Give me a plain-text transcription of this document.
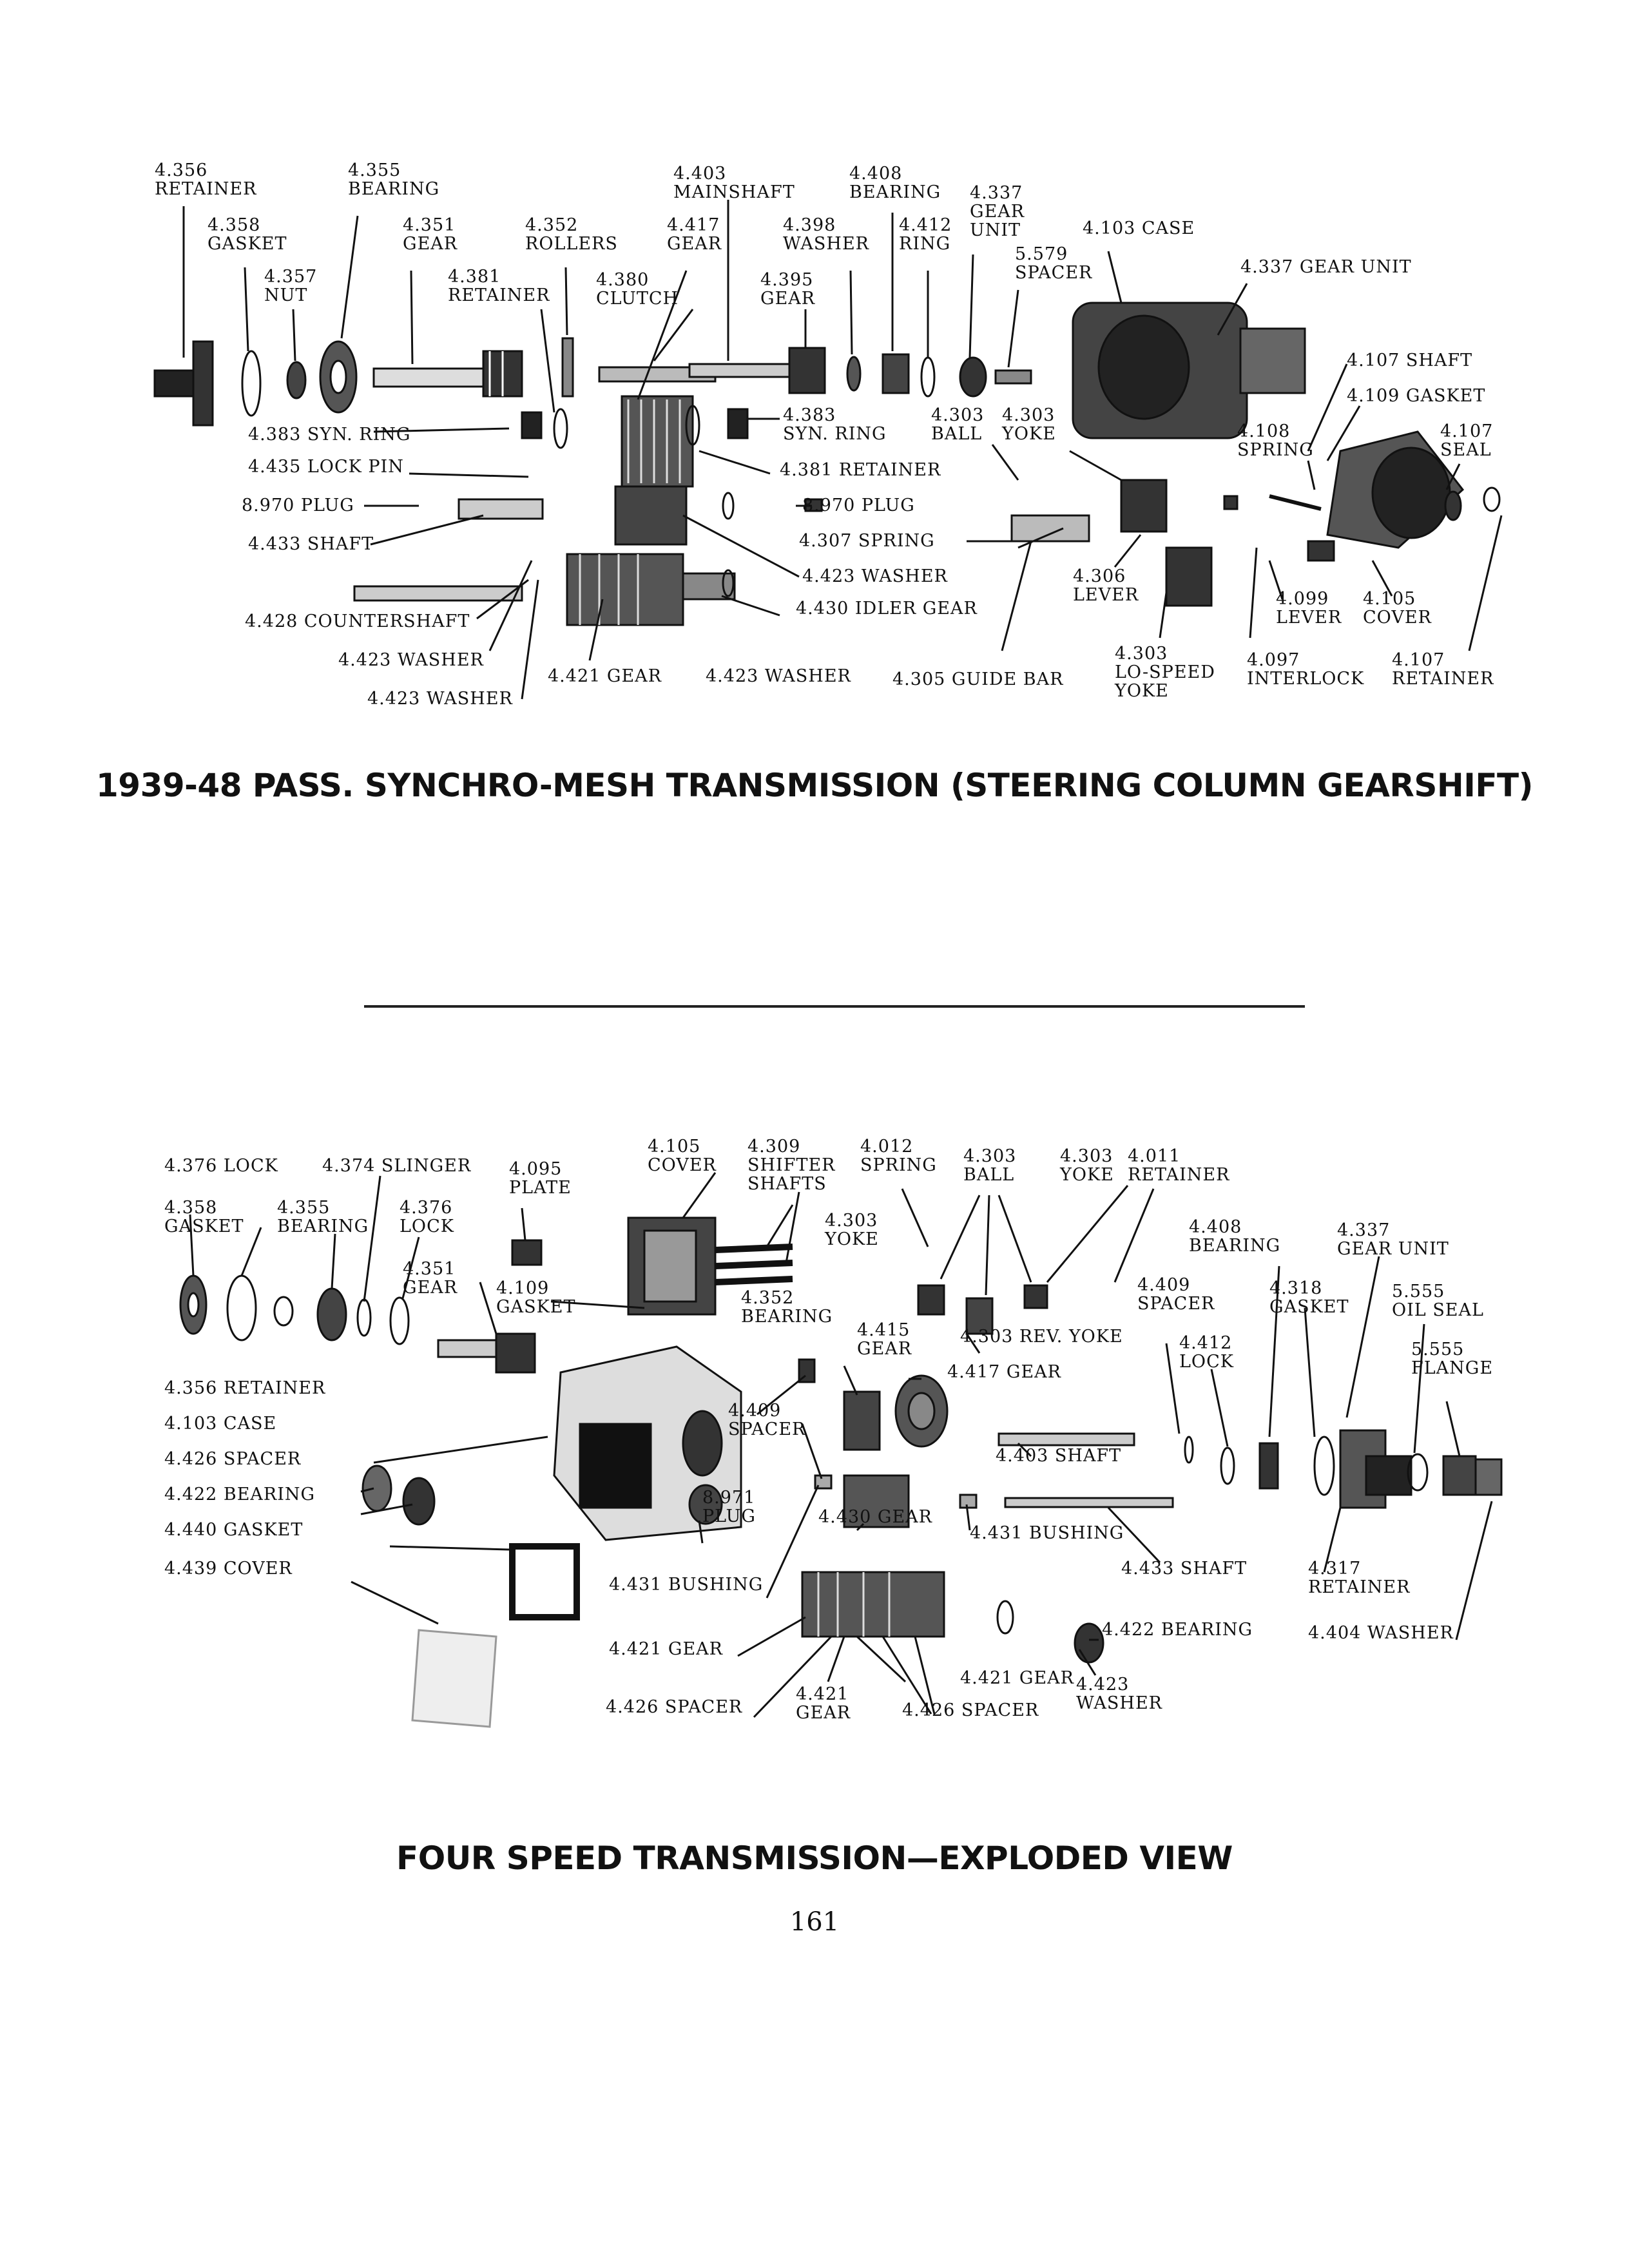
4.356
RETAINER
4.355
BEARING
4.358
GASKET
4.351
GEAR
4.352
ROLLERS
4.357
NUT
4.381
RETAINER
4.380
CLUTCH
4.403
MAINSHAFT
4.417
GEAR
4.408
BEARING
4.398
WASHER
4.412
RING
4.395
GEAR
4.337
GEAR
UNIT
5.579
SPACER
4.103 CASE
4.337 GEAR UNIT
4.107 SHAFT
4.109 GASKET
4.383 SYN. RING
4.383
SYN. RING
4.303
BALL
4.303
YOKE	4.108
SPRING
4.107
SEAL
4.435 LOCK PIN	4.381 RETAINER
8.970 PLUG	8.970 PLUG
4.433 SHAFT	4.307 SPRING
4.423 WASHER	4.306
LEVER
4.430 IDLER GEAR	4.099
LEVER
4.105
COVER
4.428 COUNTERSHAFT
4.423 WASHER	4.303
LO-SPEED
YOKE
4.097
INTERLOCK
4.107
RETAINER
4.421 GEAR	4.423 WASHER 4.305 GUIDE BAR
4.423 WASHER
1939-48 PASS. SYNCHRO-MESH TRANSMISSION (STEERING COLUMN GEARSHIFT)
4.376 LOCK	4.374 SLINGER 4.095
PLATE
4.105
COVER
4.309
SHIFTER
SHAFTS
4.012
SPRING 4.303
BALL
4.303
YOKE
4.011
RETAINER
4.358
GASKET
4.355
BEARING
4.376
LOCK	4.303
YOKE
4.408
BEARING
4.337
GEAR UNIT
4.351
GEAR 4.109
GASKET	4.352
BEARING
4.409
SPACER
4.318
GASKET
5.555
OIL SEAL
4.415
GEAR
4.303 REV. YOKE	4.412
LOCK
5.555
FLANGE
4.356 RETAINER
4.417 GEAR
4.103 CASE
4.409
SPACER
4.426 SPACER	4.403 SHAFT
4.422 BEARING	8.971
PLUG	4.430 GEAR
4.440 GASKET	4.431 BUSHING
4.439 COVER	4.433 SHAFT	4.317
RETAINER
4.431 BUSHING
4.422 BEARING	4.404 WASHER
4.421 GEAR
4.421 GEAR 4.423
WASHER
4.421
GEAR
4.426 SPACER	4.426 SPACER
FOUR SPEED TRANSMISSION—EXPLODED VIEW
161
